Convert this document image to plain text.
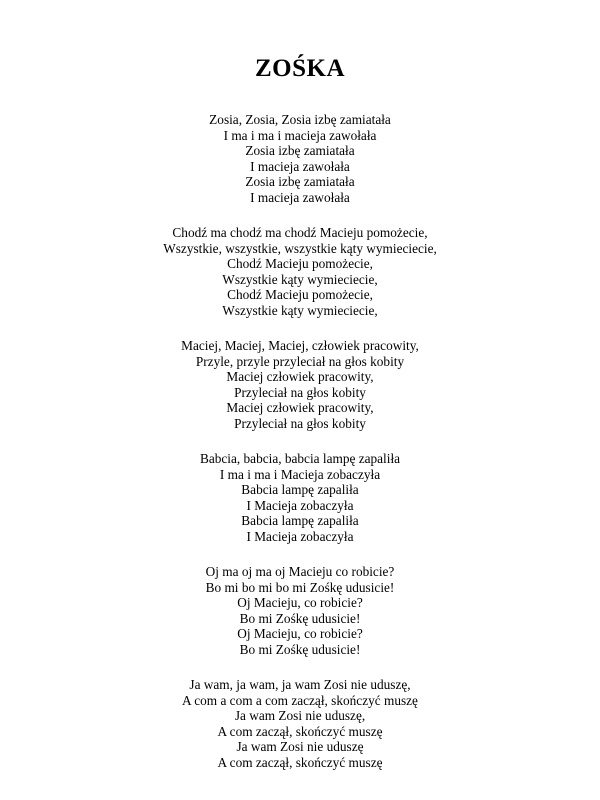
ZOŚKA
Zosia, Zosia, Zosia izbę zamiatała
I ma i ma i macieja zawołała
Zosia izbę zamiatała
I macieja zawołała
Zosia izbę zamiatała
I macieja zawołała
Chodź ma chodź ma chodź Macieju pomożecie,
Wszystkie, wszystkie, wszystkie kąty wymieciecie,
Chodź Macieju pomożecie,
Wszystkie kąty wymieciecie,
Chodź Macieju pomożecie,
Wszystkie kąty wymieciecie,
Maciej, Maciej, Maciej, człowiek pracowity,
Przyle, przyle przyleciał na głos kobity
Maciej człowiek pracowity,
Przyleciał na głos kobity
Maciej człowiek pracowity,
Przyleciał na głos kobity
Babcia, babcia, babcia lampę zapaliła
I ma i ma i Macieja zobaczyła
Babcia lampę zapaliła
I Macieja zobaczyła
Babcia lampę zapaliła
I Macieja zobaczyła
Oj ma oj ma oj Macieju co robicie?
Bo mi bo mi bo mi Zośkę udusicie!
Oj Macieju, co robicie?
Bo mi Zośkę udusicie!
Oj Macieju, co robicie?
Bo mi Zośkę udusicie!
Ja wam, ja wam, ja wam Zosi nie uduszę,
A com a com a com zaczął, skończyć muszę
Ja wam Zosi nie uduszę,
A com zaczął, skończyć muszę
Ja wam Zosi nie uduszę
A com zaczął, skończyć muszę
